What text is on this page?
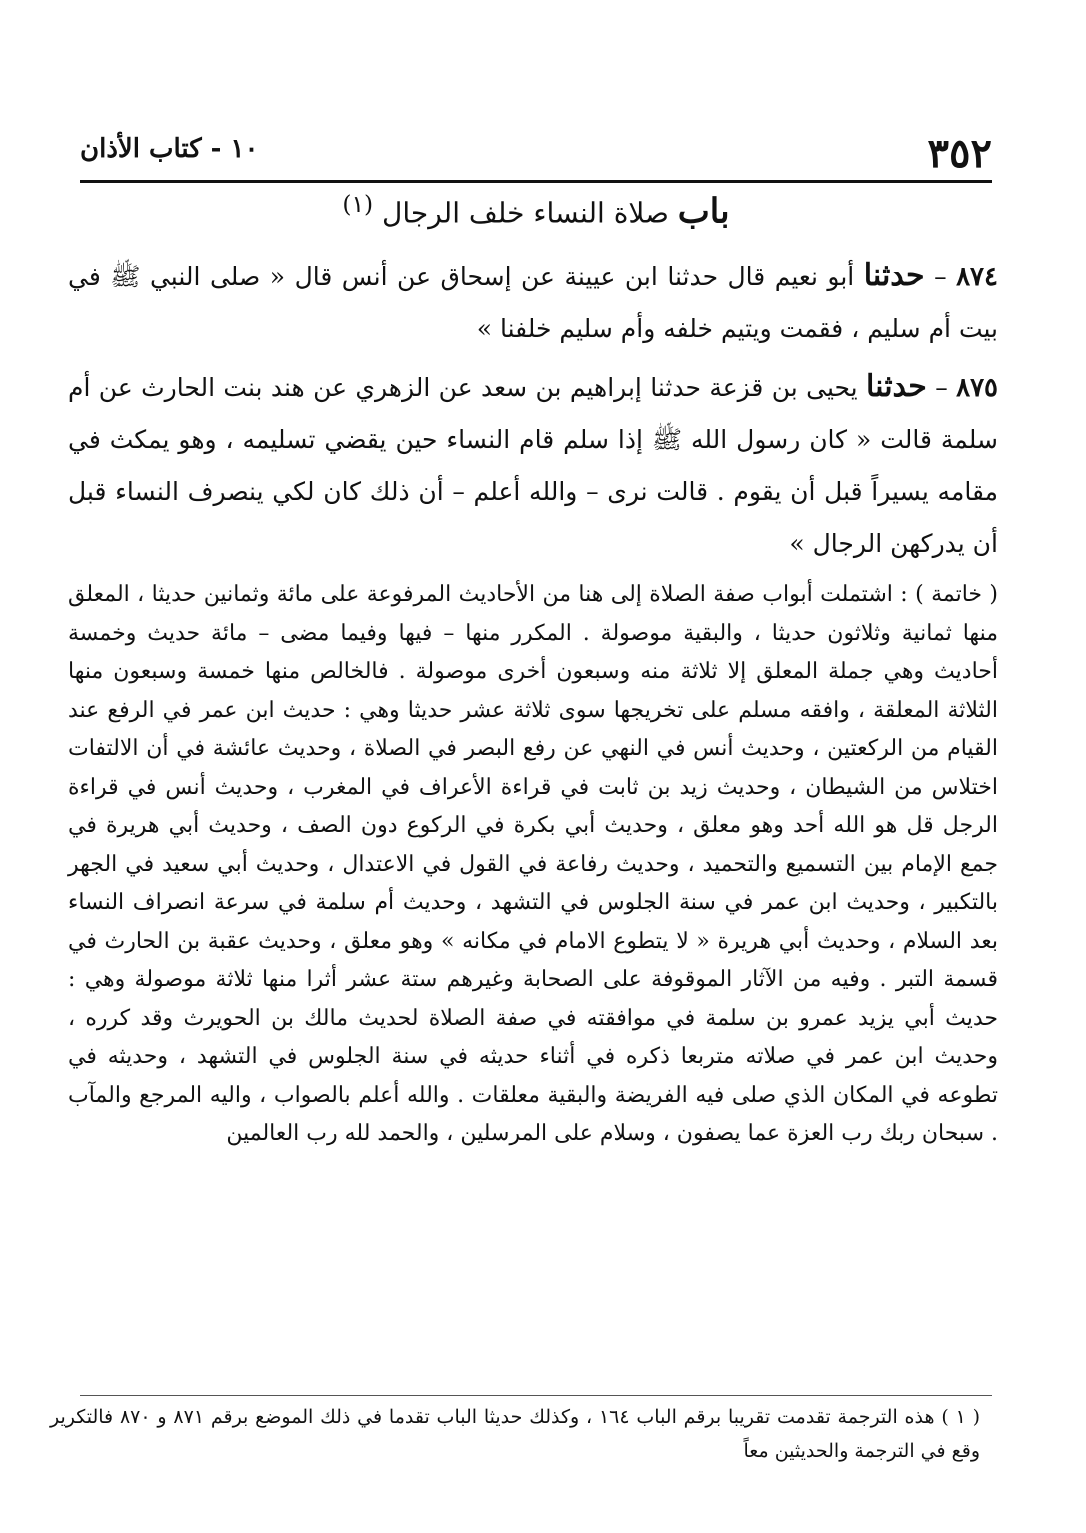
٣٥٢
١٠ - كتاب الأذان
باب صلاة النساء خلف الرجال $^{(١)}$

٨٧٤ – حدثنا أبو نعيم قال حدثنا ابن عيينة عن إسحاق عن أنس قال « صلى النبي ﷺ في بيت أم سليم ، فقمت ويتيم خلفه وأم سليم خلفنا »

٨٧٥ – حدثنا يحيى بن قزعة حدثنا إبراهيم بن سعد عن الزهري عن هند بنت الحارث عن أم سلمة قالت « كان رسول الله ﷺ إذا سلم قام النساء حين يقضي تسليمه ، وهو يمكث في مقامه يسيراً قبل أن يقوم . قالت نرى – والله أعلم – أن ذلك كان لكي ينصرف النساء قبل أن يدركهن الرجال »

( خاتمة ) : اشتملت أبواب صفة الصلاة إلى هنا من الأحاديث المرفوعة على مائة وثمانين حديثا ، المعلق منها ثمانية وثلاثون حديثا ، والبقية موصولة . المكرر منها – فيها وفيما مضى – مائة حديث وخمسة أحاديث وهي جملة المعلق إلا ثلاثة منه وسبعون أخرى موصولة . فالخالص منها خمسة وسبعون منها الثلاثة المعلقة ، وافقه مسلم على تخريجها سوى ثلاثة عشر حديثا وهي : حديث ابن عمر في الرفع عند القيام من الركعتين ، وحديث أنس في النهي عن رفع البصر في الصلاة ، وحديث عائشة في أن الالتفات اختلاس من الشيطان ، وحديث زيد بن ثابت في قراءة الأعراف في المغرب ، وحديث أنس في قراءة الرجل قل هو الله أحد وهو معلق ، وحديث أبي بكرة في الركوع دون الصف ، وحديث أبي هريرة في جمع الإمام بين التسميع والتحميد ، وحديث رفاعة في القول في الاعتدال ، وحديث أبي سعيد في الجهر بالتكبير ، وحديث ابن عمر في سنة الجلوس في التشهد ، وحديث أم سلمة في سرعة انصراف النساء بعد السلام ، وحديث أبي هريرة « لا يتطوع الامام في مكانه » وهو معلق ، وحديث عقبة بن الحارث في قسمة التبر . وفيه من الآثار الموقوفة على الصحابة وغيرهم ستة عشر أثرا منها ثلاثة موصولة وهي : حديث أبي يزيد عمرو بن سلمة في موافقته في صفة الصلاة لحديث مالك بن الحويرث وقد كرره ، وحديث ابن عمر في صلاته متربعا ذكره في أثناء حديثه في سنة الجلوس في التشهد ، وحديثه في تطوعه في المكان الذي صلى فيه الفريضة والبقية معلقات . والله أعلم بالصواب ، واليه المرجع والمآب . سبحان ربك رب العزة عما يصفون ، وسلام على المرسلين ، والحمد لله رب العالمين

( ١ ) هذه الترجمة تقدمت تقريبا برقم الباب ١٦٤ ، وكذلك حديثا الباب تقدما في ذلك الموضع برقم ٨٧١ و ٨٧٠ فالتكرير وقع في الترجمة والحديثين معاً
